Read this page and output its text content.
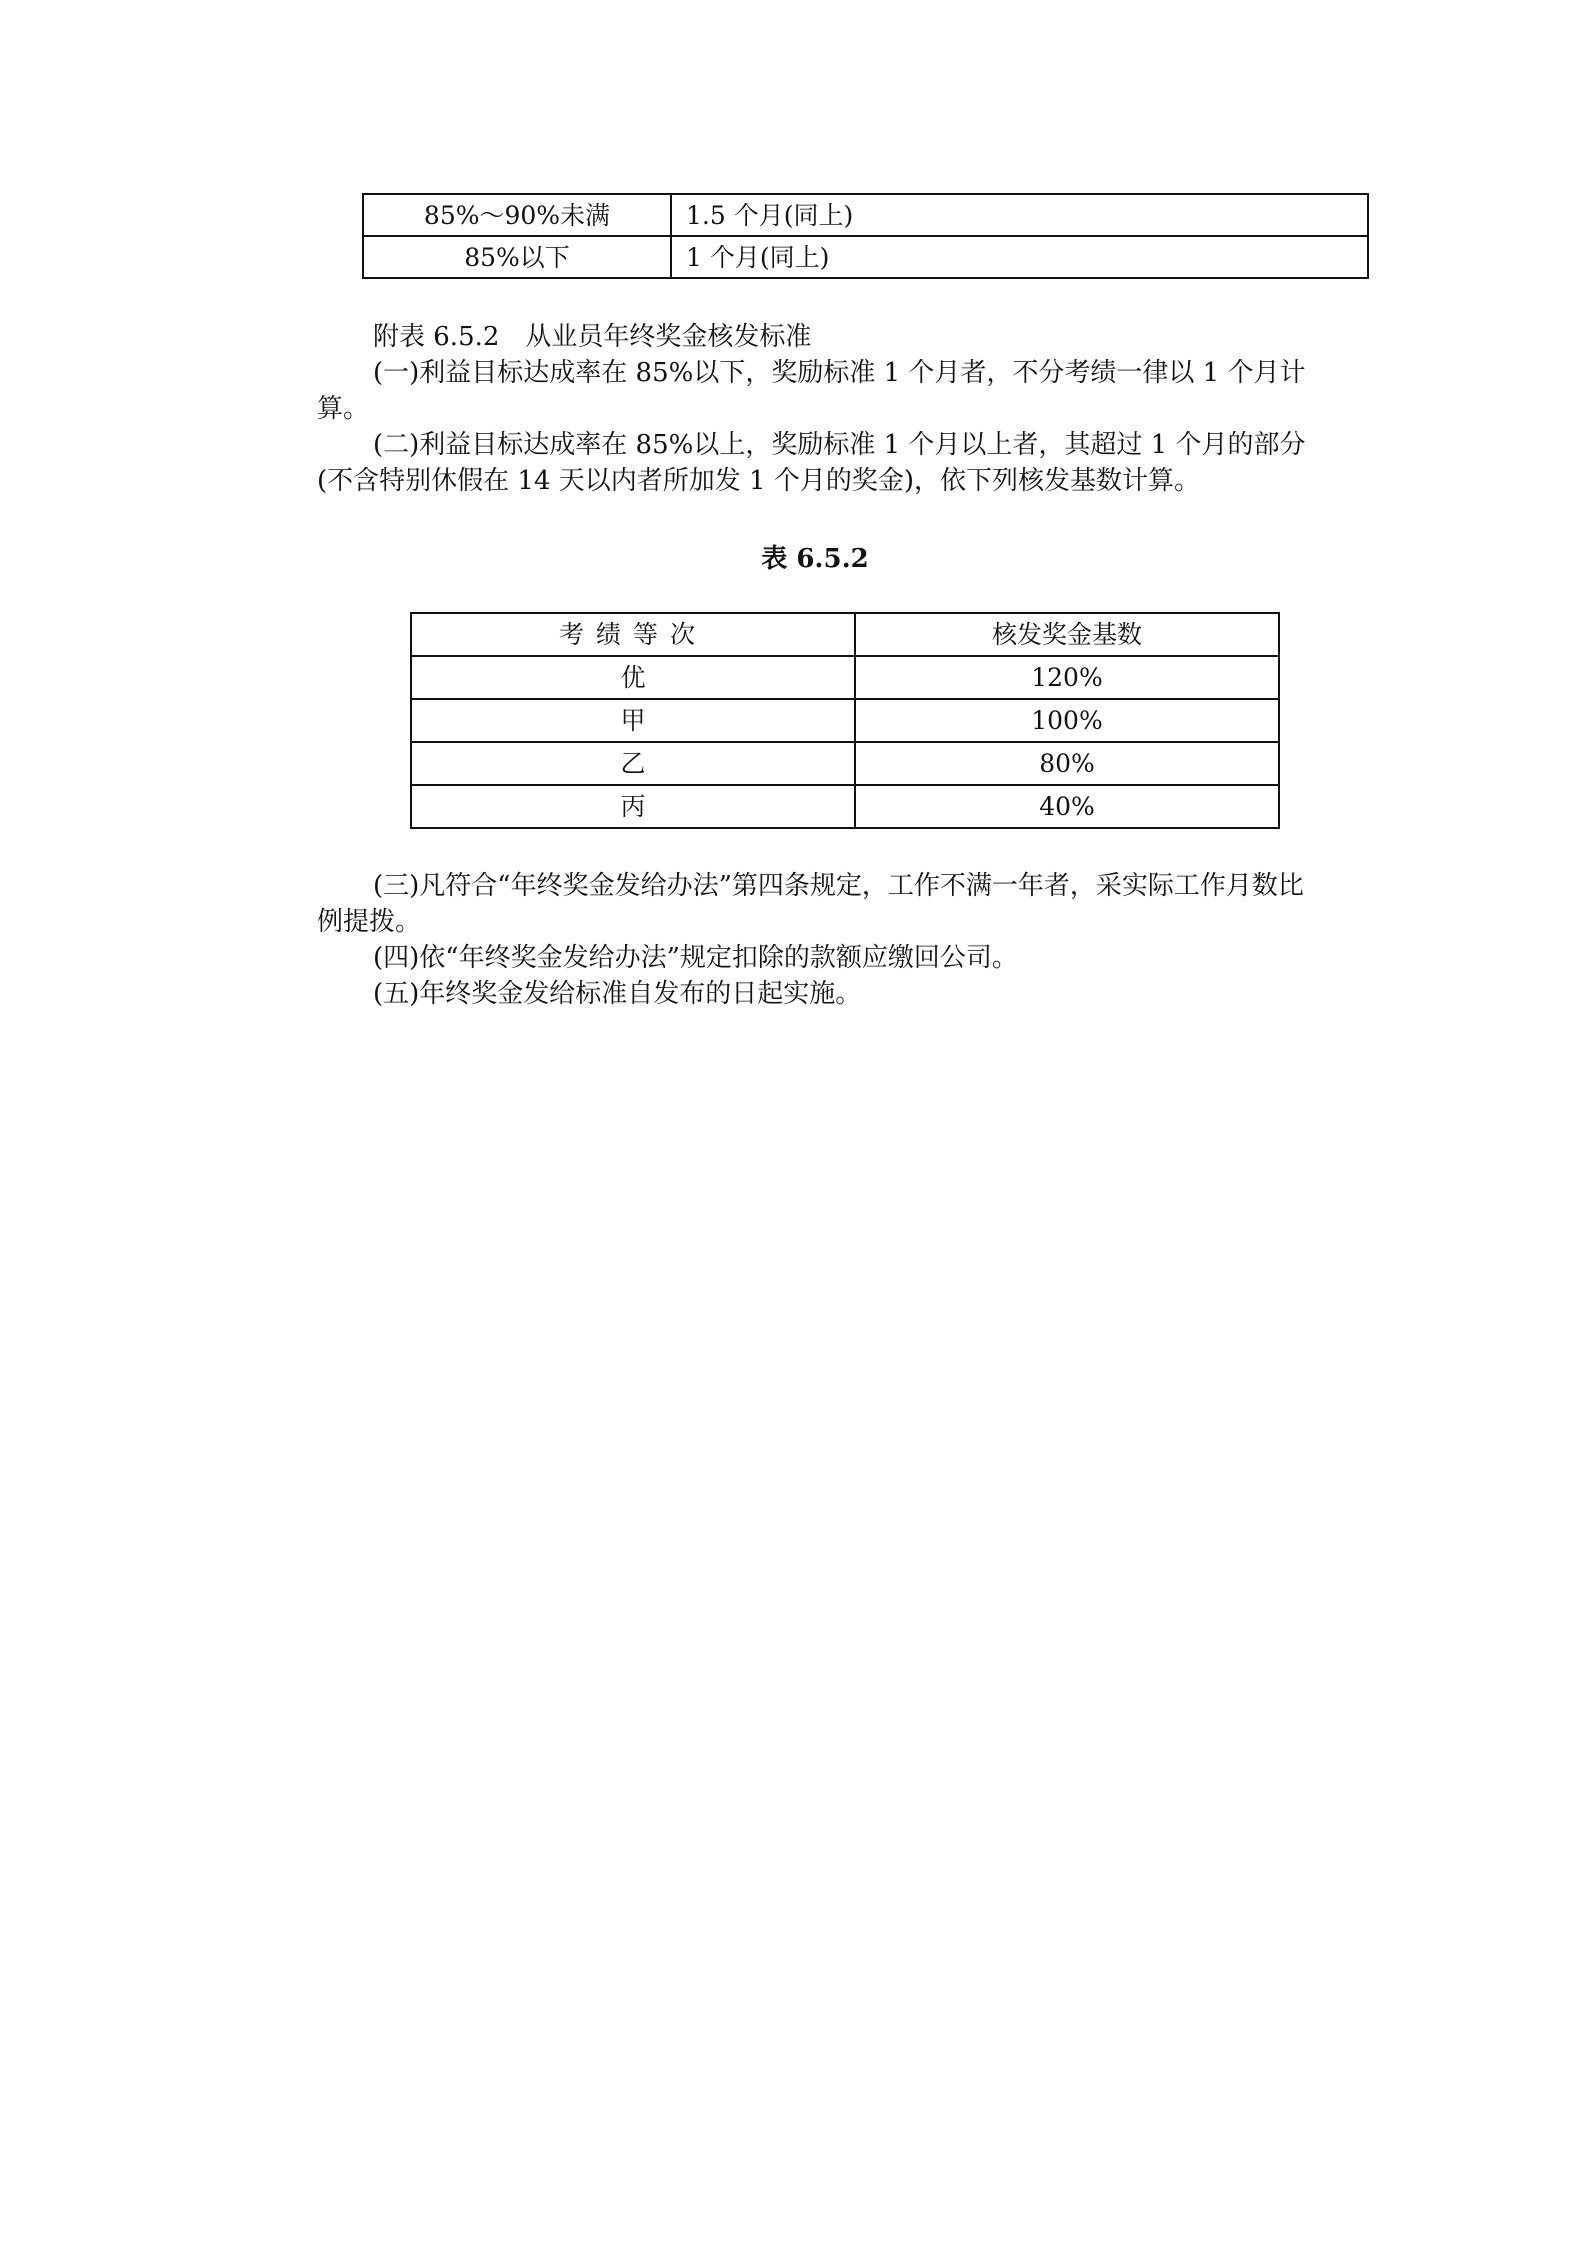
85%～90%未满	1.5 个月(同上)
85%以下	1 个月(同上)

附表 6.5.2　从业员年终奖金核发标准

(一)利益目标达成率在 85%以下，奖励标准 1 个月者，不分考绩一律以 1 个月计算。

(二)利益目标达成率在 85%以上，奖励标准 1 个月以上者，其超过 1 个月的部分(不含特别休假在 14 天以内者所加发 1 个月的奖金)，依下列核发基数计算。

表 6.5.2

考绩等次	核发奖金基数
优	120%
甲	100%
乙	80%
丙	40%

(三)凡符合“年终奖金发给办法”第四条规定，工作不满一年者，采实际工作月数比例提拨。

(四)依“年终奖金发给办法”规定扣除的款额应缴回公司。

(五)年终奖金发给标准自发布的日起实施。
